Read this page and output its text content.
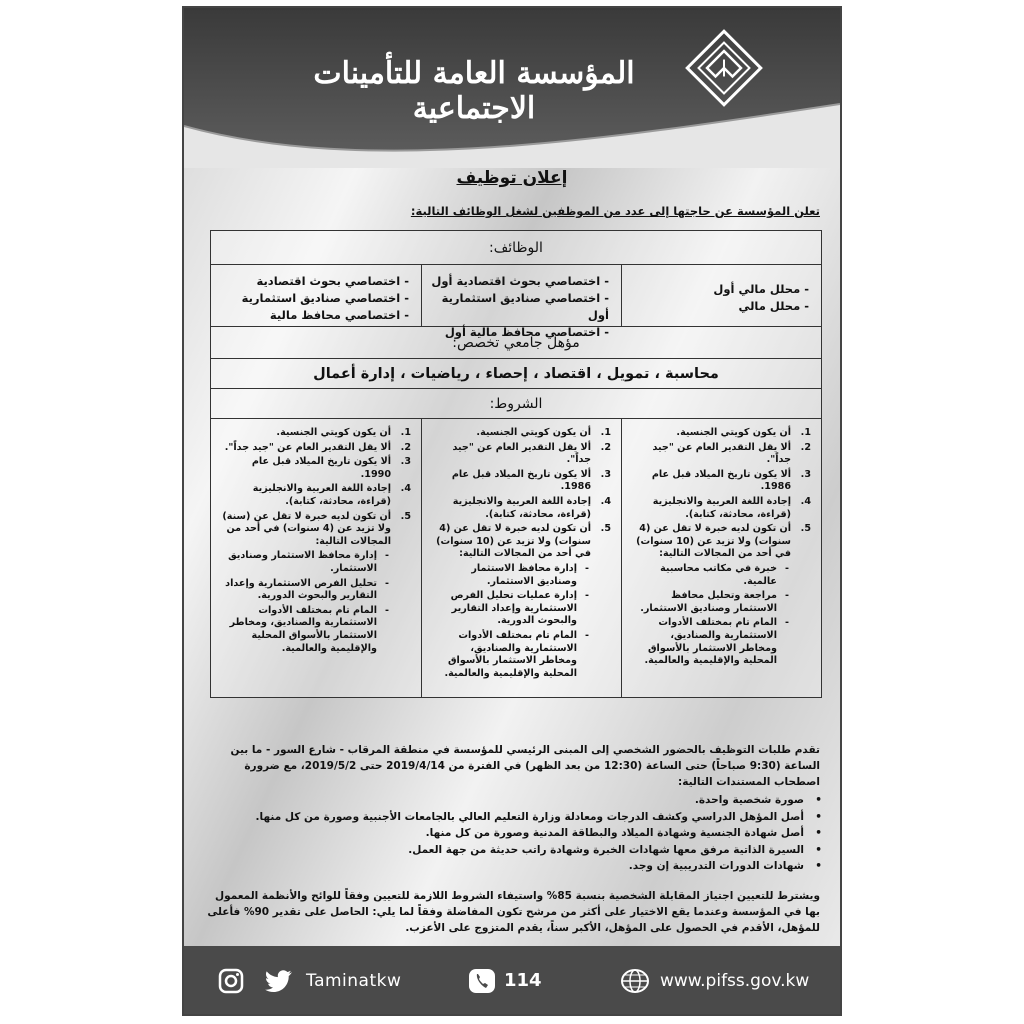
المؤسسة العامة للتأمينات الاجتماعية
إعلان توظيف
تعلن المؤسسة عن حاجتها إلى عدد من الموظفين لشغل الوظائف التالية:
الوظائف:
- محلل مالي أول
- محلل مالي
- اختصاصي بحوث اقتصادية أول
- اختصاصي صناديق استثمارية أول
- اختصاصي محافظ مالية أول
- اختصاصي بحوث اقتصادية
- اختصاصي صناديق استثمارية
- اختصاصي محافظ مالية
مؤهل جامعي تخصص:
محاسبة ، تمويل ، اقتصاد ، إحصاء ، رياضيات ، إدارة أعمال
الشروط:
1.
أن يكون كويتي الجنسية.
2.
ألا يقل التقدير العام عن "جيد جداً".
3.
ألا يكون تاريخ الميلاد قبل عام 1986.
4.
إجادة اللغة العربية والانجليزية (قراءة، محادثة، كتابة).
5.
أن تكون لديه خبرة لا تقل عن (4 سنوات) ولا تزيد عن (10 سنوات) في أحد من المجالات التالية:
- خبرة في مكاتب محاسبية عالمية.
- مراجعة وتحليل محافظ الاستثمار وصناديق الاستثمار.
- المام تام بمختلف الأدوات الاستثمارية والصناديق، ومخاطر الاستثمار بالأسواق المحلية والإقليمية والعالمية.
1.
أن يكون كويتي الجنسية.
2.
ألا يقل التقدير العام عن "جيد جداً".
3.
ألا يكون تاريخ الميلاد قبل عام 1986.
4.
إجادة اللغة العربية والانجليزية (قراءة، محادثة، كتابة).
5.
أن تكون لديه خبرة لا تقل عن (4 سنوات) ولا تزيد عن (10 سنوات) في أحد من المجالات التالية:
- إدارة محافظ الاستثمار وصناديق الاستثمار.
- إدارة عمليات تحليل الفرص الاستثمارية وإعداد التقارير والبحوث الدورية.
- المام تام بمختلف الأدوات الاستثمارية والصناديق، ومخاطر الاستثمار بالأسواق المحلية والإقليمية والعالمية.
1.
أن يكون كويتي الجنسية.
2.
ألا يقل التقدير العام عن "جيد جداً".
3.
ألا يكون تاريخ الميلاد قبل عام 1990.
4.
إجادة اللغة العربية والانجليزية (قراءة، محادثة، كتابة).
5.
أن تكون لديه خبرة لا تقل عن (سنة) ولا تزيد عن (4 سنوات) في أحد من المجالات التالية:
- إدارة محافظ الاستثمار وصناديق الاستثمار.
- تحليل الفرص الاستثمارية وإعداد التقارير والبحوث الدورية.
- المام تام بمختلف الأدوات الاستثمارية والصناديق، ومخاطر الاستثمار بالأسواق المحلية والإقليمية والعالمية.
تقدم طلبات التوظيف بالحضور الشخصي إلى المبنى الرئيسي للمؤسسة في منطقة المرقاب - شارع السور - ما بين الساعة (9:30 صباحاً) حتى الساعة (12:30 من بعد الظهر) في الفترة من 2019/4/14 حتى 2019/5/2، مع ضرورة اصطحاب المستندات التالية:
• صورة شخصية واحدة.
• أصل المؤهل الدراسي وكشف الدرجات ومعادلة وزارة التعليم العالي بالجامعات الأجنبية وصورة من كل منها.
• أصل شهادة الجنسية وشهادة الميلاد والبطاقة المدنية وصورة من كل منها.
• السيرة الذاتية مرفق معها شهادات الخبرة وشهادة راتب حديثة من جهة العمل.
• شهادات الدورات التدريبية إن وجد.
ويشترط للتعيين اجتياز المقابلة الشخصية بنسبة 85% واستيفاء الشروط اللازمة للتعيين وفقاً للوائح والأنظمة المعمول بها في المؤسسة وعندما يقع الاختيار على أكثر من مرشح تكون المفاضلة وفقاً لما يلي: الحاصل على تقدير 90% فأعلى للمؤهل، الأقدم في الحصول على المؤهل، الأكبر سناً، يقدم المتزوج على الأعزب.
www.pifss.gov.kw
114
Taminatkw
